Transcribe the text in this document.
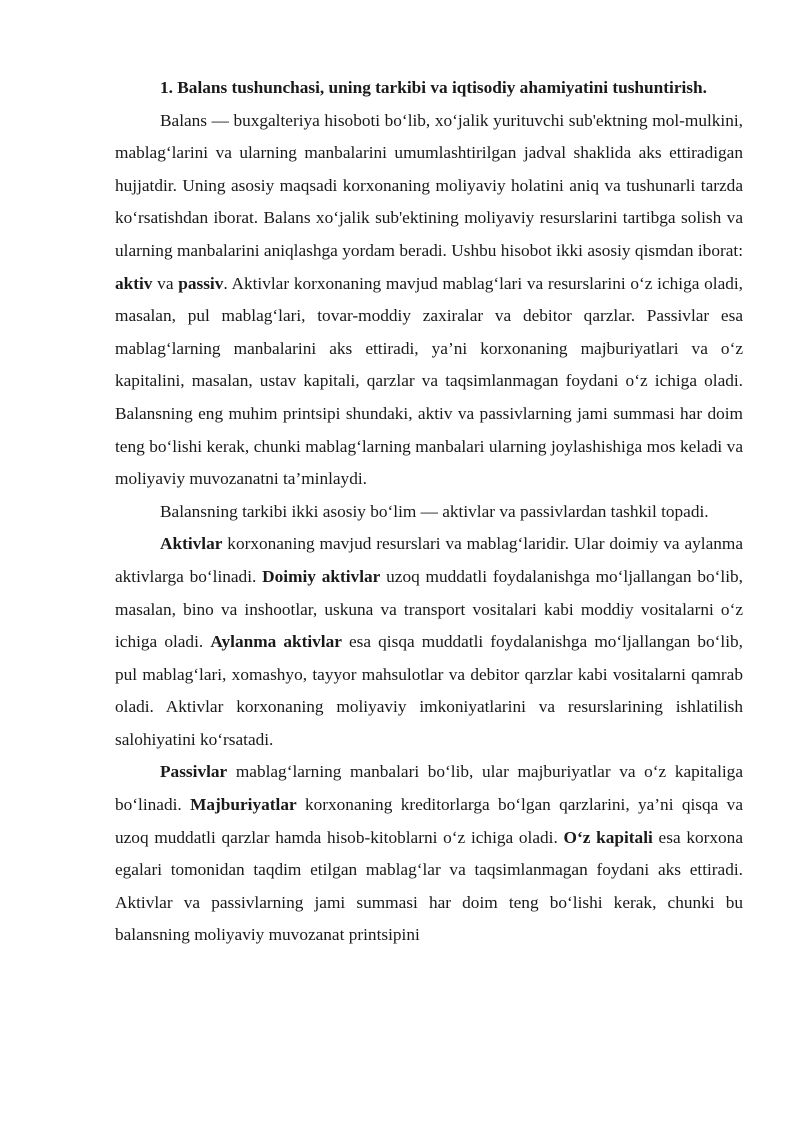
1. Balans tushunchasi, uning tarkibi va iqtisodiy ahamiyatini tushuntirish.

Balans — buxgalteriya hisoboti bo‘lib, xo‘jalik yurituvchi sub'ektning mol-mulkini, mablag‘larini va ularning manbalarini umumlashtirilgan jadval shaklida aks ettiradigan hujjatdir. Uning asosiy maqsadi korxonaning moliyaviy holatini aniq va tushunarli tarzda ko‘rsatishdan iborat. Balans xo‘jalik sub'ektining moliyaviy resurslarini tartibga solish va ularning manbalarini aniqlashga yordam beradi. Ushbu hisobot ikki asosiy qismdan iborat: aktiv va passiv. Aktivlar korxonaning mavjud mablag‘lari va resurslarini o‘z ichiga oladi, masalan, pul mablag‘lari, tovar-moddiy zaxiralar va debitor qarzlar. Passivlar esa mablag‘larning manbalarini aks ettiradi, ya’ni korxonaning majburiyatlari va o‘z kapitalini, masalan, ustav kapitali, qarzlar va taqsimlanmagan foydani o‘z ichiga oladi. Balansning eng muhim printsipi shundaki, aktiv va passivlarning jami summasi har doim teng bo‘lishi kerak, chunki mablag‘larning manbalari ularning joylashishiga mos keladi va moliyaviy muvozanatni ta’minlaydi.

Balansning tarkibi ikki asosiy bo‘lim — aktivlar va passivlardan tashkil topadi.

Aktivlar korxonaning mavjud resurslari va mablag‘laridir. Ular doimiy va aylanma aktivlarga bo‘linadi. Doimiy aktivlar uzoq muddatli foydalanishga mo‘ljallangan bo‘lib, masalan, bino va inshootlar, uskuna va transport vositalari kabi moddiy vositalarni o‘z ichiga oladi. Aylanma aktivlar esa qisqa muddatli foydalanishga mo‘ljallangan bo‘lib, pul mablag‘lari, xomashyo, tayyor mahsulotlar va debitor qarzlar kabi vositalarni qamrab oladi. Aktivlar korxonaning moliyaviy imkoniyatlarini va resurslarining ishlatilish salohiyatini ko‘rsatadi.

Passivlar mablag‘larning manbalari bo‘lib, ular majburiyatlar va o‘z kapitaliga bo‘linadi. Majburiyatlar korxonaning kreditorlarga bo‘lgan qarzlarini, ya’ni qisqa va uzoq muddatli qarzlar hamda hisob-kitoblarni o‘z ichiga oladi. O‘z kapitali esa korxona egalari tomonidan taqdim etilgan mablag‘lar va taqsimlanmagan foydani aks ettiradi. Aktivlar va passivlarning jami summasi har doim teng bo‘lishi kerak, chunki bu balansning moliyaviy muvozanat printsipini
